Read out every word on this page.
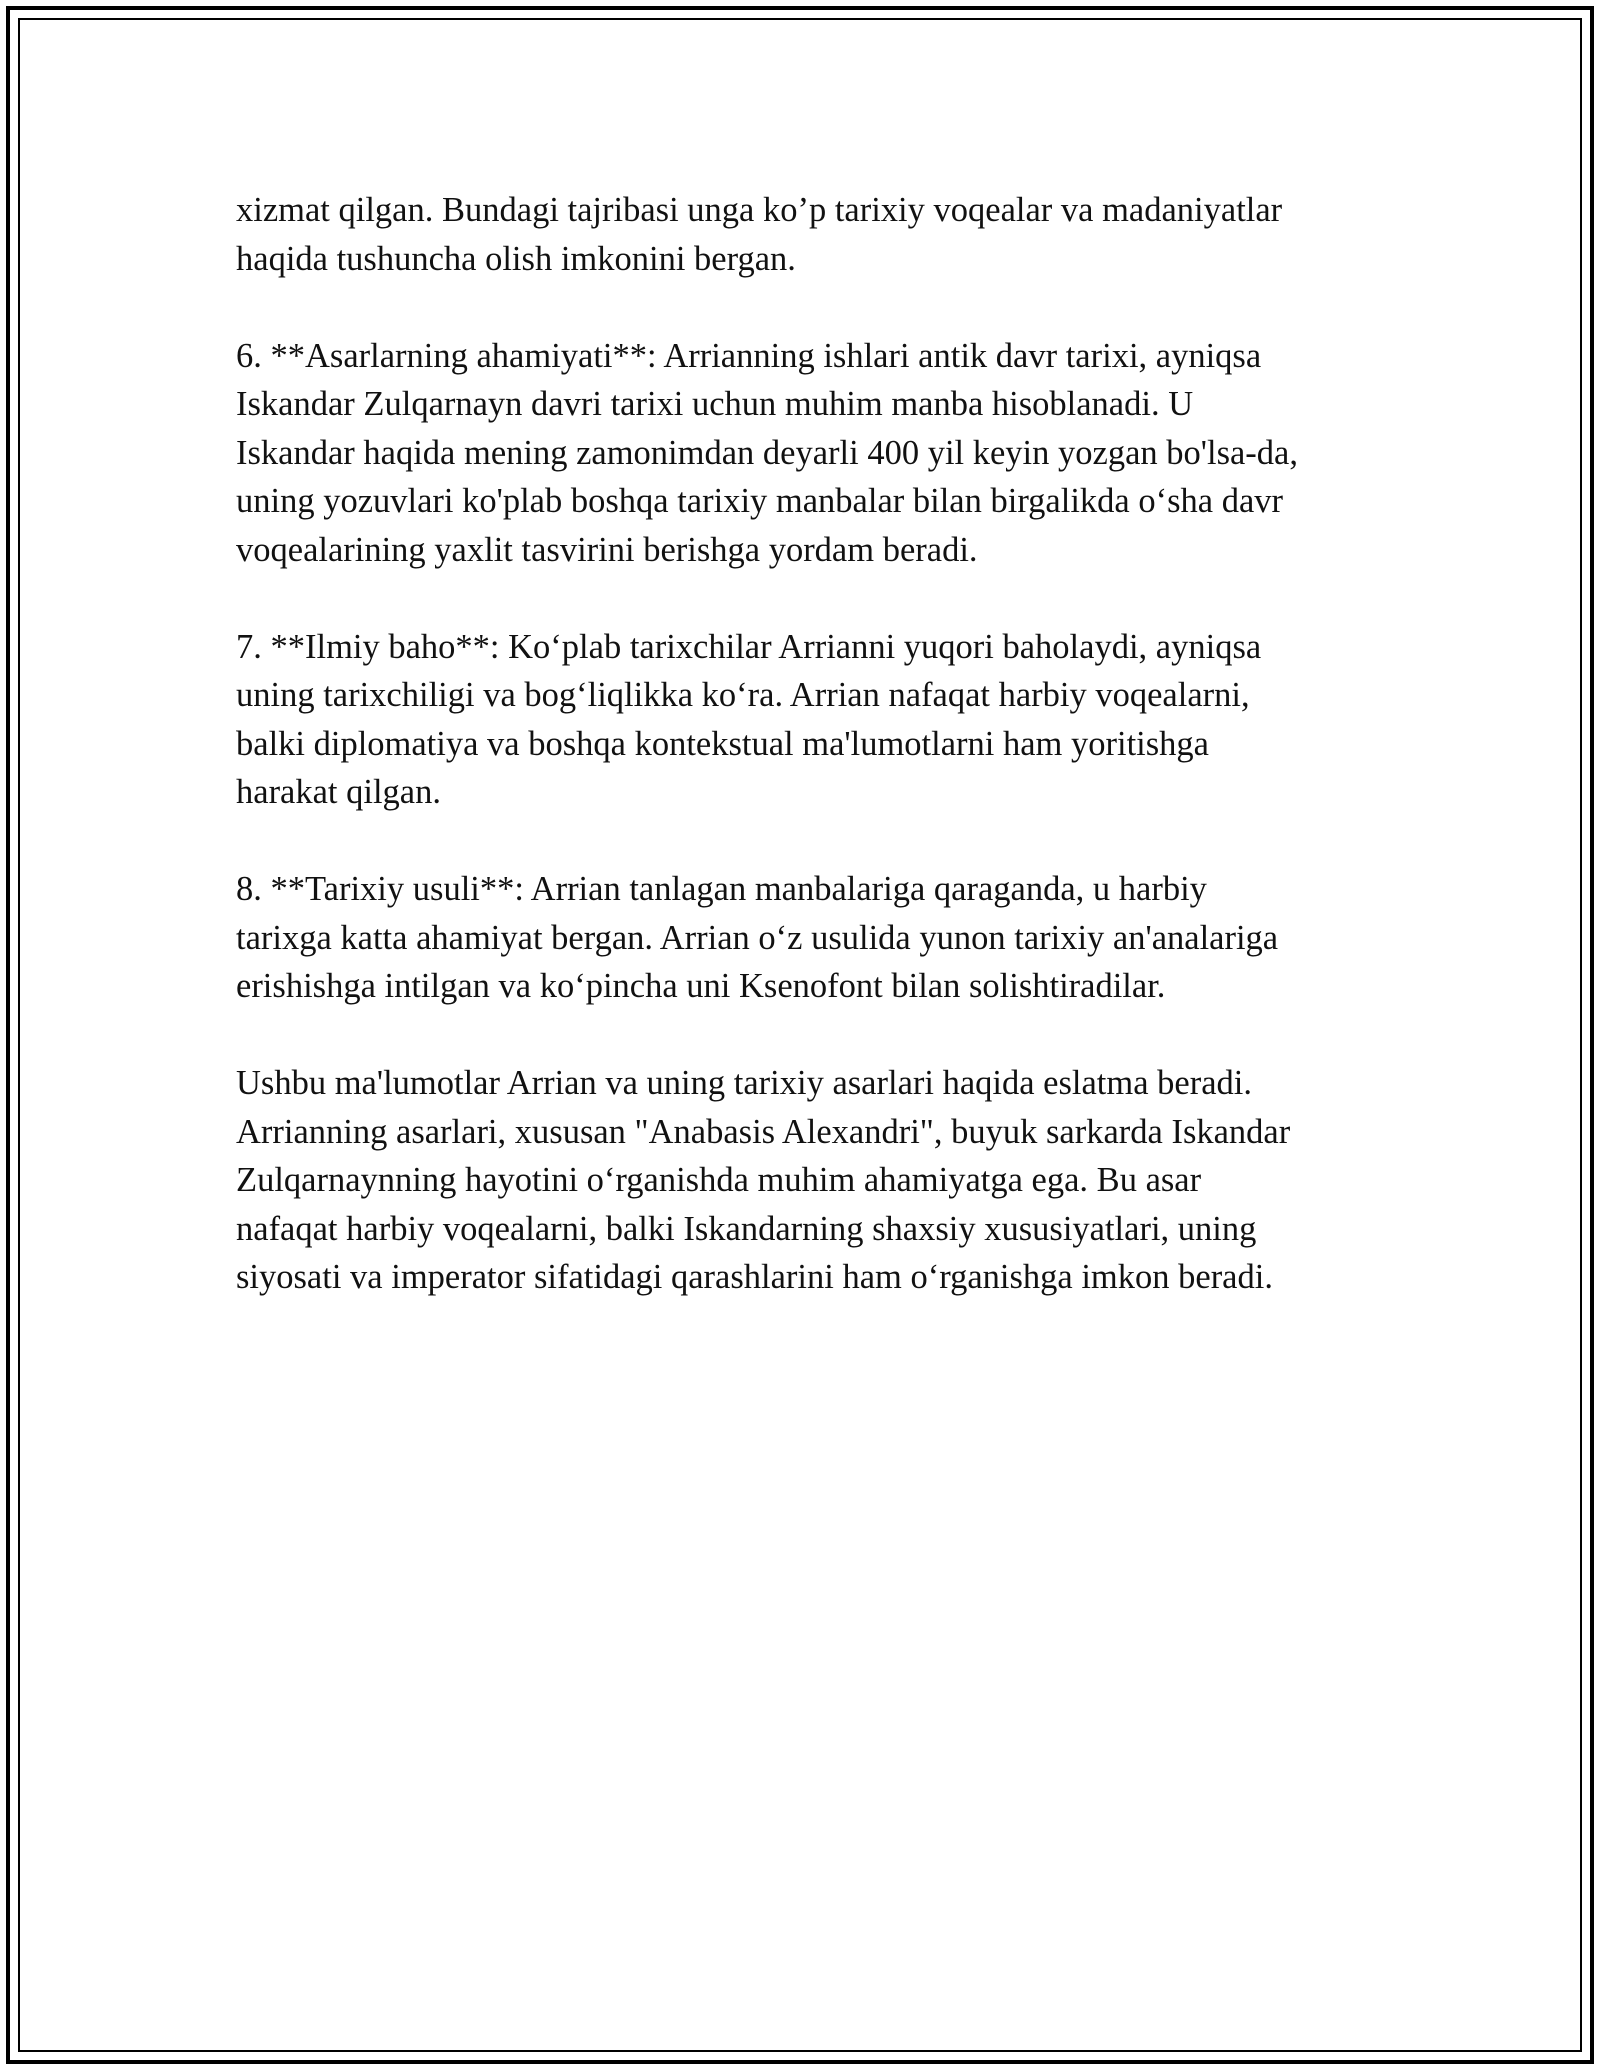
xizmat qilgan. Bundagi tajribasi unga ko’p tarixiy voqealar va madaniyatlar
haqida tushuncha olish imkonini bergan.

6. **Asarlarning ahamiyati**: Arrianning ishlari antik davr tarixi, ayniqsa
Iskandar Zulqarnayn davri tarixi uchun muhim manba hisoblanadi. U
Iskandar haqida mening zamonimdan deyarli 400 yil keyin yozgan bo'lsa-da,
uning yozuvlari ko'plab boshqa tarixiy manbalar bilan birgalikda o‘sha davr
voqealarining yaxlit tasvirini berishga yordam beradi.

7. **Ilmiy baho**: Ko‘plab tarixchilar Arrianni yuqori baholaydi, ayniqsa
uning tarixchiligi va bog‘liqlikka ko‘ra. Arrian nafaqat harbiy voqealarni,
balki diplomatiya va boshqa kontekstual ma'lumotlarni ham yoritishga
harakat qilgan.

8. **Tarixiy usuli**: Arrian tanlagan manbalariga qaraganda, u harbiy
tarixga katta ahamiyat bergan. Arrian o‘z usulida yunon tarixiy an'analariga
erishishga intilgan va ko‘pincha uni Ksenofont bilan solishtiradilar.

Ushbu ma'lumotlar Arrian va uning tarixiy asarlari haqida eslatma beradi.
Arrianning asarlari, xususan "Anabasis Alexandri", buyuk sarkarda Iskandar
Zulqarnaynning hayotini o‘rganishda muhim ahamiyatga ega. Bu asar
nafaqat harbiy voqealarni, balki Iskandarning shaxsiy xususiyatlari, uning
siyosati va imperator sifatidagi qarashlarini ham o‘rganishga imkon beradi.
